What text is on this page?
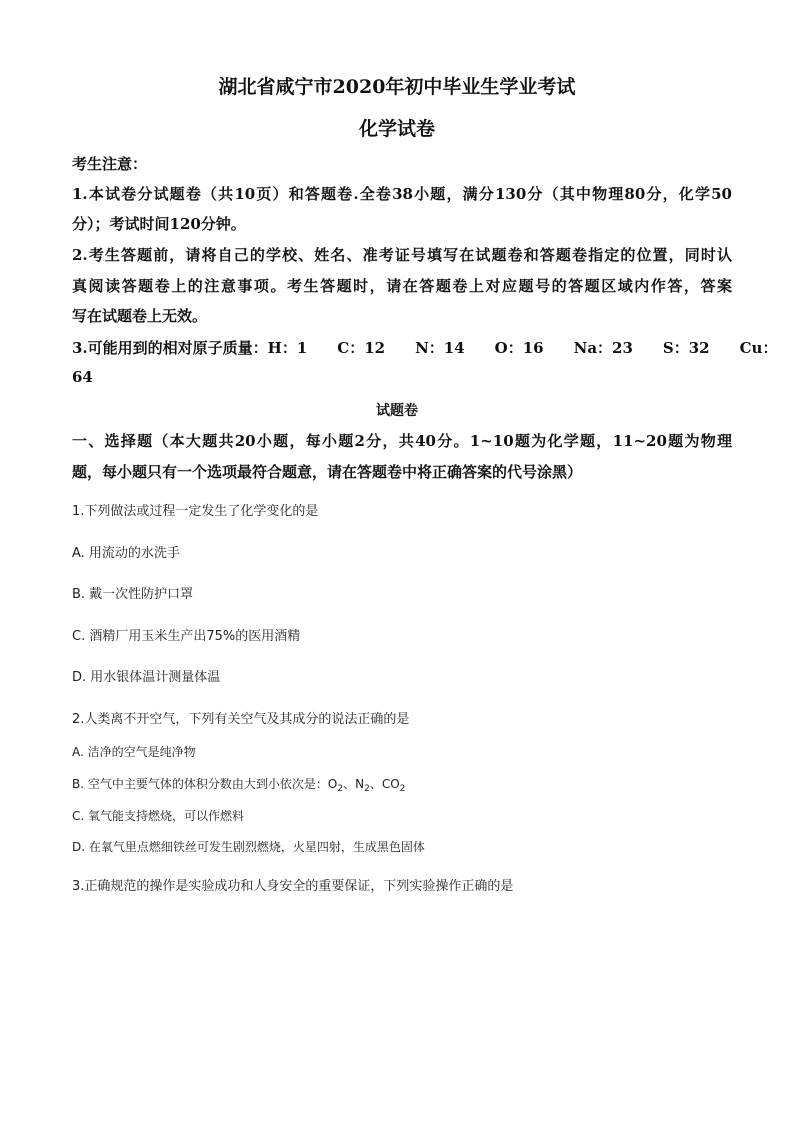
湖北省咸宁市2020年初中毕业生学业考试
化学试卷
考生注意：
1.本试卷分试题卷（共10页）和答题卷.全卷38小题，满分130分（其中物理80分，化学50
分）；考试时间120分钟。
2.考生答题前，请将自己的学校、姓名、准考证号填写在试题卷和答题卷指定的位置，同时认
真阅读答题卷上的注意事项。考生答题时，请在答题卷上对应题号的答题区域内作答，答案
写在试题卷上无效。
3.可能用到的相对原子质量：H：1　　C：12　　N：14　　O：16　　Na：23　　S：32　　Cu：
64
试题卷
一、选择题（本大题共20小题，每小题2分，共40分。1~10题为化学题，11~20题为物理
题，每小题只有一个选项最符合题意，请在答题卷中将正确答案的代号涂黑）
1.下列做法或过程一定发生了化学变化的是
A. 用流动的水洗手
B. 戴一次性防护口罩
C. 酒精厂用玉米生产出75%的医用酒精
D. 用水银体温计测量体温
2.人类离不开空气，下列有关空气及其成分的说法正确的是
A. 洁净的空气是纯净物
B. 空气中主要气体的体积分数由大到小依次是：$O_2$、$N_2$、$CO_2$
C. 氧气能支持燃烧，可以作燃料
D. 在氧气里点燃细铁丝可发生剧烈燃烧，火星四射，生成黑色固体
3.正确规范的操作是实验成功和人身安全的重要保证，下列实验操作正确的是
